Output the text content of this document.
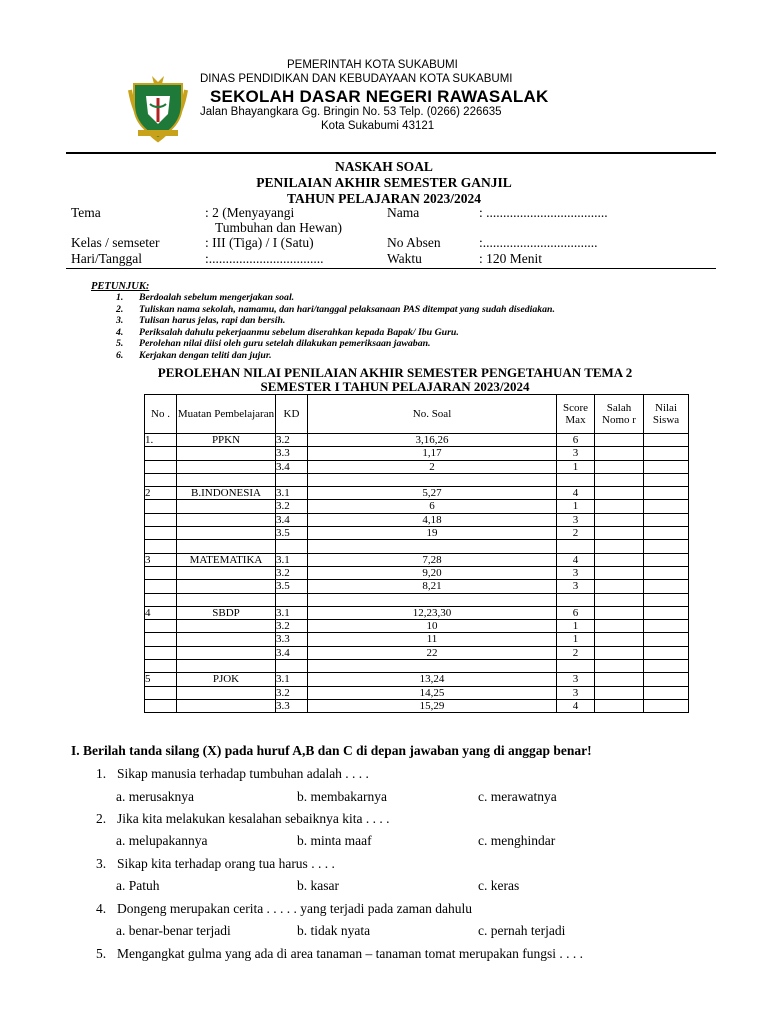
PEMERINTAH KOTA SUKABUMI
DINAS PENDIDIKAN DAN KEBUDAYAAN KOTA SUKABUMI
SEKOLAH DASAR NEGERI RAWASALAK
Jalan Bhayangkara Gg. Bringin No. 53 Telp. (0266) 226635
Kota Sukabumi 43121
NASKAH SOAL
PENILAIAN AKHIR SEMESTER GANJIL
TAHUN PELAJARAN 2023/2024
Tema	: 2 (Menyayangi
Tumbuhan dan Hewan)
Kelas / semseter	: III (Tiga) / I (Satu)
Hari/Tanggal	:..................................
Nama	: ....................................
No Absen	:..................................
Waktu	: 120 Menit
PETUNJUK:
1.	Berdoalah sebelum mengerjakan soal.
2.	Tuliskan nama sekolah, namamu, dan hari/tanggal pelaksanaan PAS ditempat yang sudah disediakan.
3.	Tulisan harus jelas, rapi dan bersih.
4.	Periksalah dahulu pekerjaanmu sebelum diserahkan kepada Bapak/ Ibu Guru.
5.	Perolehan nilai diisi oleh guru setelah dilakukan pemeriksaan jawaban.
6.	Kerjakan dengan teliti dan jujur.
PEROLEHAN NILAI PENILAIAN AKHIR SEMESTER PENGETAHUAN TEMA 2
SEMESTER I TAHUN PELAJARAN 2023/2024
No .	Muatan Pembelajaran	KD	No. Soal	Score Max	Salah Nomo r	Nilai Siswa
1.	PPKN	3.2	3,16,26	6		
		3.3	1,17	3		
		3.4	2	1		

2	B.INDONESIA	3.1	5,27	4		
		3.2	6	1		
		3.4	4,18	3		
		3.5	19	2		

3	MATEMATIKA	3.1	7,28	4		
		3.2	9,20	3		
		3.5	8,21	3		

4	SBDP	3.1	12,23,30	6		
		3.2	10	1		
		3.3	11	1		
		3.4	22	2		

5	PJOK	3.1	13,24	3		
		3.2	14,25	3		
		3.3	15,29	4		
I. Berilah tanda silang (X) pada huruf A,B dan C di depan jawaban yang di anggap benar!
1. Sikap manusia terhadap tumbuhan adalah . . . .
a. merusaknya	b. membakarnya	c. merawatnya
2. Jika kita melakukan kesalahan sebaiknya kita . . . .
a. melupakannya	b. minta maaf	c. menghindar
3. Sikap kita terhadap orang tua harus . . . .
a. Patuh	b. kasar	c. keras
4. Dongeng merupakan cerita . . . . . yang terjadi pada zaman dahulu
a. benar-benar terjadi	b. tidak nyata	c. pernah terjadi
5. Mengangkat gulma yang ada di area tanaman – tanaman tomat merupakan fungsi . . . .
